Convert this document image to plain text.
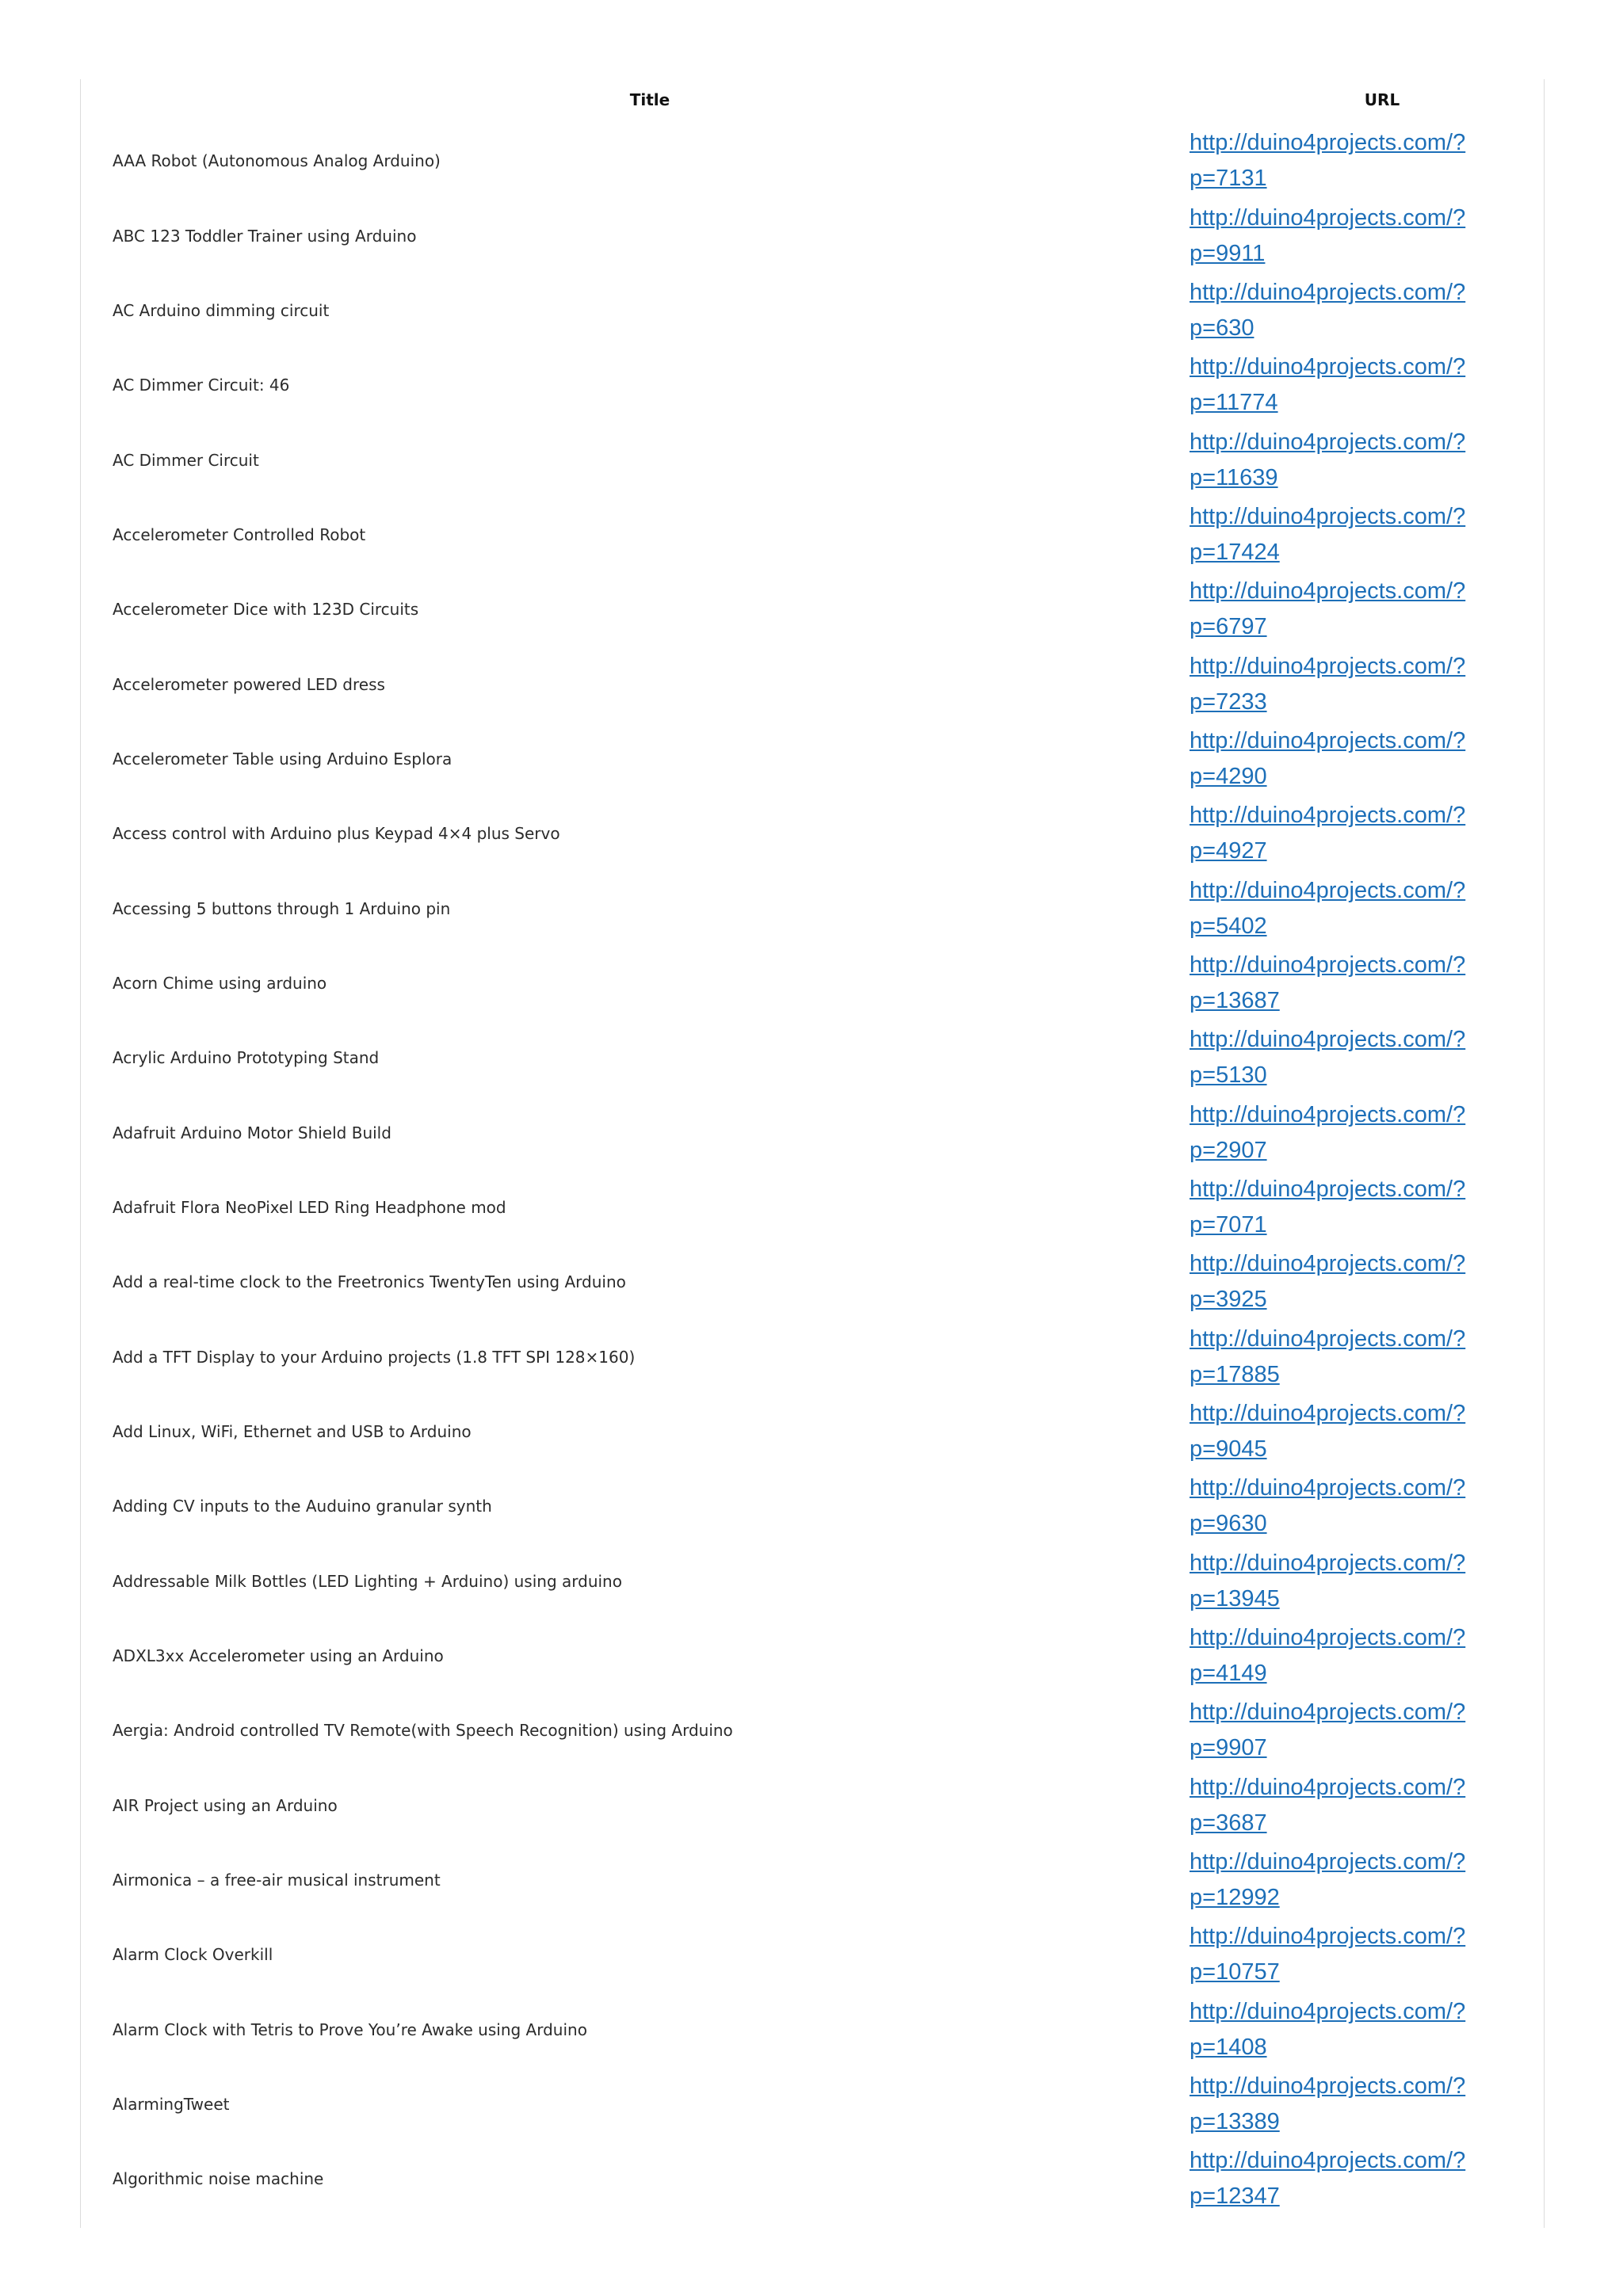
Title	URL
AAA Robot (Autonomous Analog Arduino)
http://duino4projects.com/?
p=7131
ABC 123 Toddler Trainer using Arduino
http://duino4projects.com/?
p=9911
AC Arduino dimming circuit
http://duino4projects.com/?
p=630
AC Dimmer Circuit: 46
http://duino4projects.com/?
p=11774
AC Dimmer Circuit
http://duino4projects.com/?
p=11639
Accelerometer Controlled Robot
http://duino4projects.com/?
p=17424
Accelerometer Dice with 123D Circuits
http://duino4projects.com/?
p=6797
Accelerometer powered LED dress
http://duino4projects.com/?
p=7233
Accelerometer Table using Arduino Esplora
http://duino4projects.com/?
p=4290
Access control with Arduino plus Keypad 4×4 plus Servo
http://duino4projects.com/?
p=4927
Accessing 5 buttons through 1 Arduino pin
http://duino4projects.com/?
p=5402
Acorn Chime using arduino
http://duino4projects.com/?
p=13687
Acrylic Arduino Prototyping Stand
http://duino4projects.com/?
p=5130
Adafruit Arduino Motor Shield Build
http://duino4projects.com/?
p=2907
Adafruit Flora NeoPixel LED Ring Headphone mod
http://duino4projects.com/?
p=7071
Add a real-time clock to the Freetronics TwentyTen using Arduino
http://duino4projects.com/?
p=3925
Add a TFT Display to your Arduino projects (1.8 TFT SPI 128×160)
http://duino4projects.com/?
p=17885
Add Linux, WiFi, Ethernet and USB to Arduino
http://duino4projects.com/?
p=9045
Adding CV inputs to the Auduino granular synth
http://duino4projects.com/?
p=9630
Addressable Milk Bottles (LED Lighting + Arduino) using arduino
http://duino4projects.com/?
p=13945
ADXL3xx Accelerometer using an Arduino
http://duino4projects.com/?
p=4149
Aergia: Android controlled TV Remote(with Speech Recognition) using Arduino
http://duino4projects.com/?
p=9907
AIR Project using an Arduino
http://duino4projects.com/?
p=3687
Airmonica – a free-air musical instrument
http://duino4projects.com/?
p=12992
Alarm Clock Overkill
http://duino4projects.com/?
p=10757
Alarm Clock with Tetris to Prove You’re Awake using Arduino
http://duino4projects.com/?
p=1408
AlarmingTweet
http://duino4projects.com/?
p=13389
Algorithmic noise machine
http://duino4projects.com/?
p=12347
